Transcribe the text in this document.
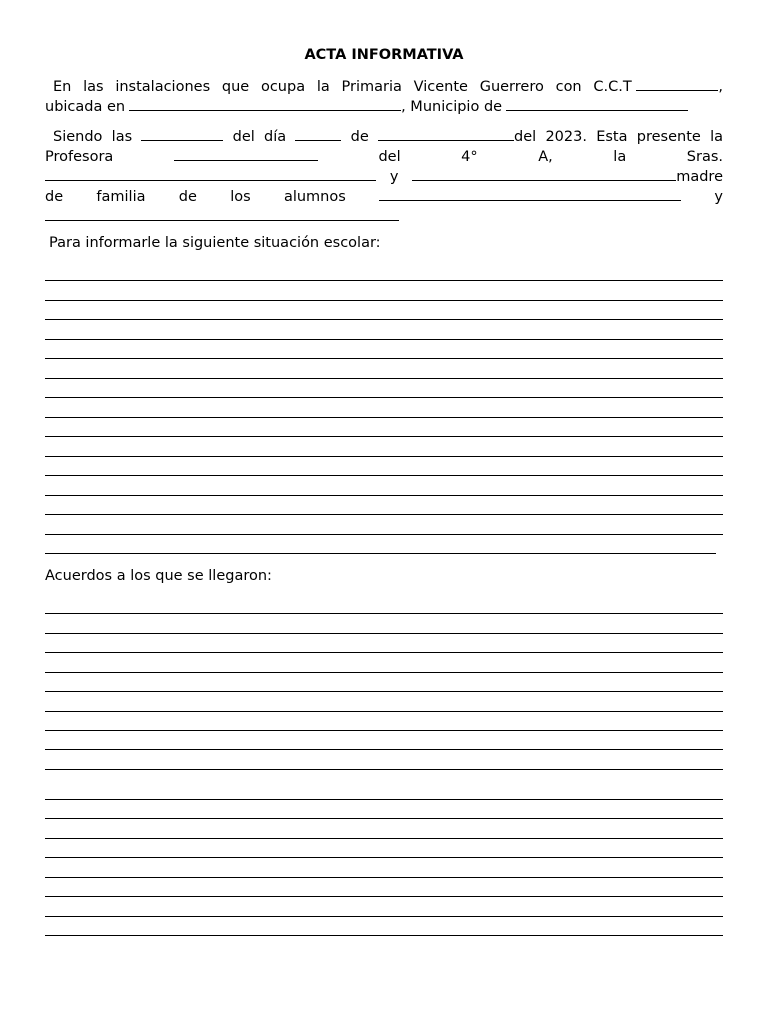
ACTA INFORMATIVA
En las instalaciones que ocupa la Primaria Vicente Guerrero con C.C.T	,
ubicada en	, Municipio de
Siendo las	del día	de	del 2023. Esta presente la
Profesora	del	4°	A,	la	Sras.
y	madre
de familia de los alumnos	y
Para informarle la siguiente situación escolar:
Acuerdos a los que se llegaron:
